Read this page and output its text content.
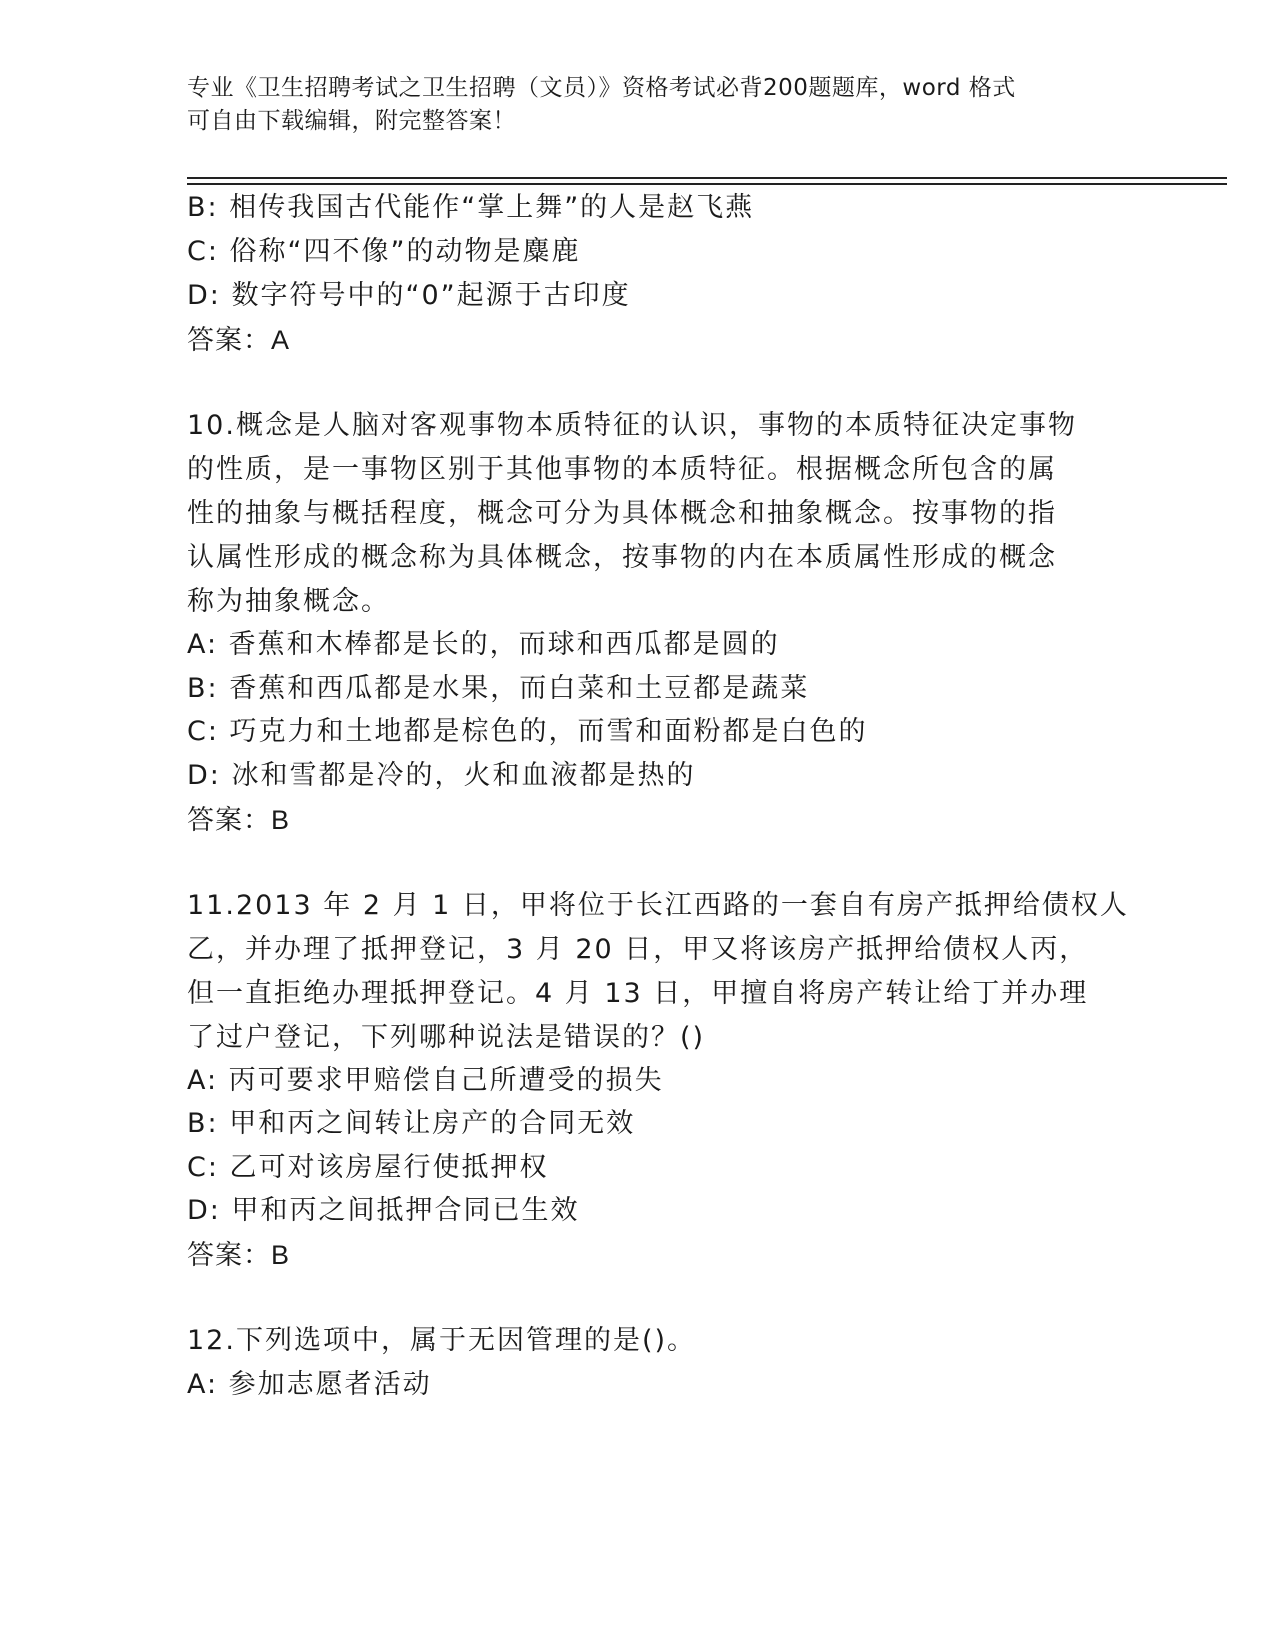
专业《卫生招聘考试之卫生招聘（文员）》资格考试必背200题题库，word 格式
可自由下载编辑，附完整答案！
B: 相传我国古代能作“掌上舞”的人是赵飞燕
C: 俗称“四不像”的动物是麋鹿
D: 数字符号中的“0”起源于古印度
答案：A
10.概念是人脑对客观事物本质特征的认识，事物的本质特征决定事物
的性质，是一事物区别于其他事物的本质特征。根据概念所包含的属
性的抽象与概括程度，概念可分为具体概念和抽象概念。按事物的指
认属性形成的概念称为具体概念，按事物的内在本质属性形成的概念
称为抽象概念。
A: 香蕉和木棒都是长的，而球和西瓜都是圆的
B: 香蕉和西瓜都是水果，而白菜和土豆都是蔬菜
C: 巧克力和土地都是棕色的，而雪和面粉都是白色的
D: 冰和雪都是冷的，火和血液都是热的
答案：B
11.2013 年 2 月 1 日，甲将位于长江西路的一套自有房产抵押给债权人
乙，并办理了抵押登记，3 月 20 日，甲又将该房产抵押给债权人丙，
但一直拒绝办理抵押登记。4 月 13 日，甲擅自将房产转让给丁并办理
了过户登记，下列哪种说法是错误的？()
A: 丙可要求甲赔偿自己所遭受的损失
B: 甲和丙之间转让房产的合同无效
C: 乙可对该房屋行使抵押权
D: 甲和丙之间抵押合同已生效
答案：B
12.下列选项中，属于无因管理的是()。
A: 参加志愿者活动
